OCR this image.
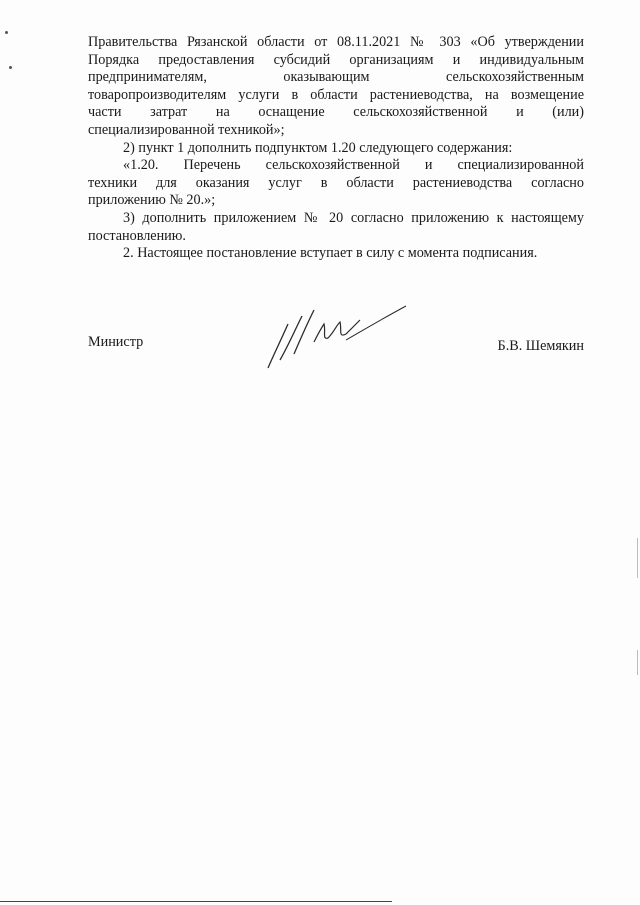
Правительства Рязанской области от 08.11.2021 № 303 «Об утверждении
Порядка предоставления субсидий организациям и индивидуальным
предпринимателям, оказывающим сельскохозяйственным
товаропроизводителям услуги в области растениеводства, на возмещение
части затрат на оснащение сельскохозяйственной и (или)
специализированной техникой»;

2) пункт 1 дополнить подпунктом 1.20 следующего содержания:

«1.20. Перечень сельскохозяйственной и специализированной
техники для оказания услуг в области растениеводства согласно
приложению № 20.»;

3) дополнить приложением № 20 согласно приложению к настоящему
постановлению.

2. Настоящее постановление вступает в силу с момента подписания.

Министр	Б.В. Шемякин
